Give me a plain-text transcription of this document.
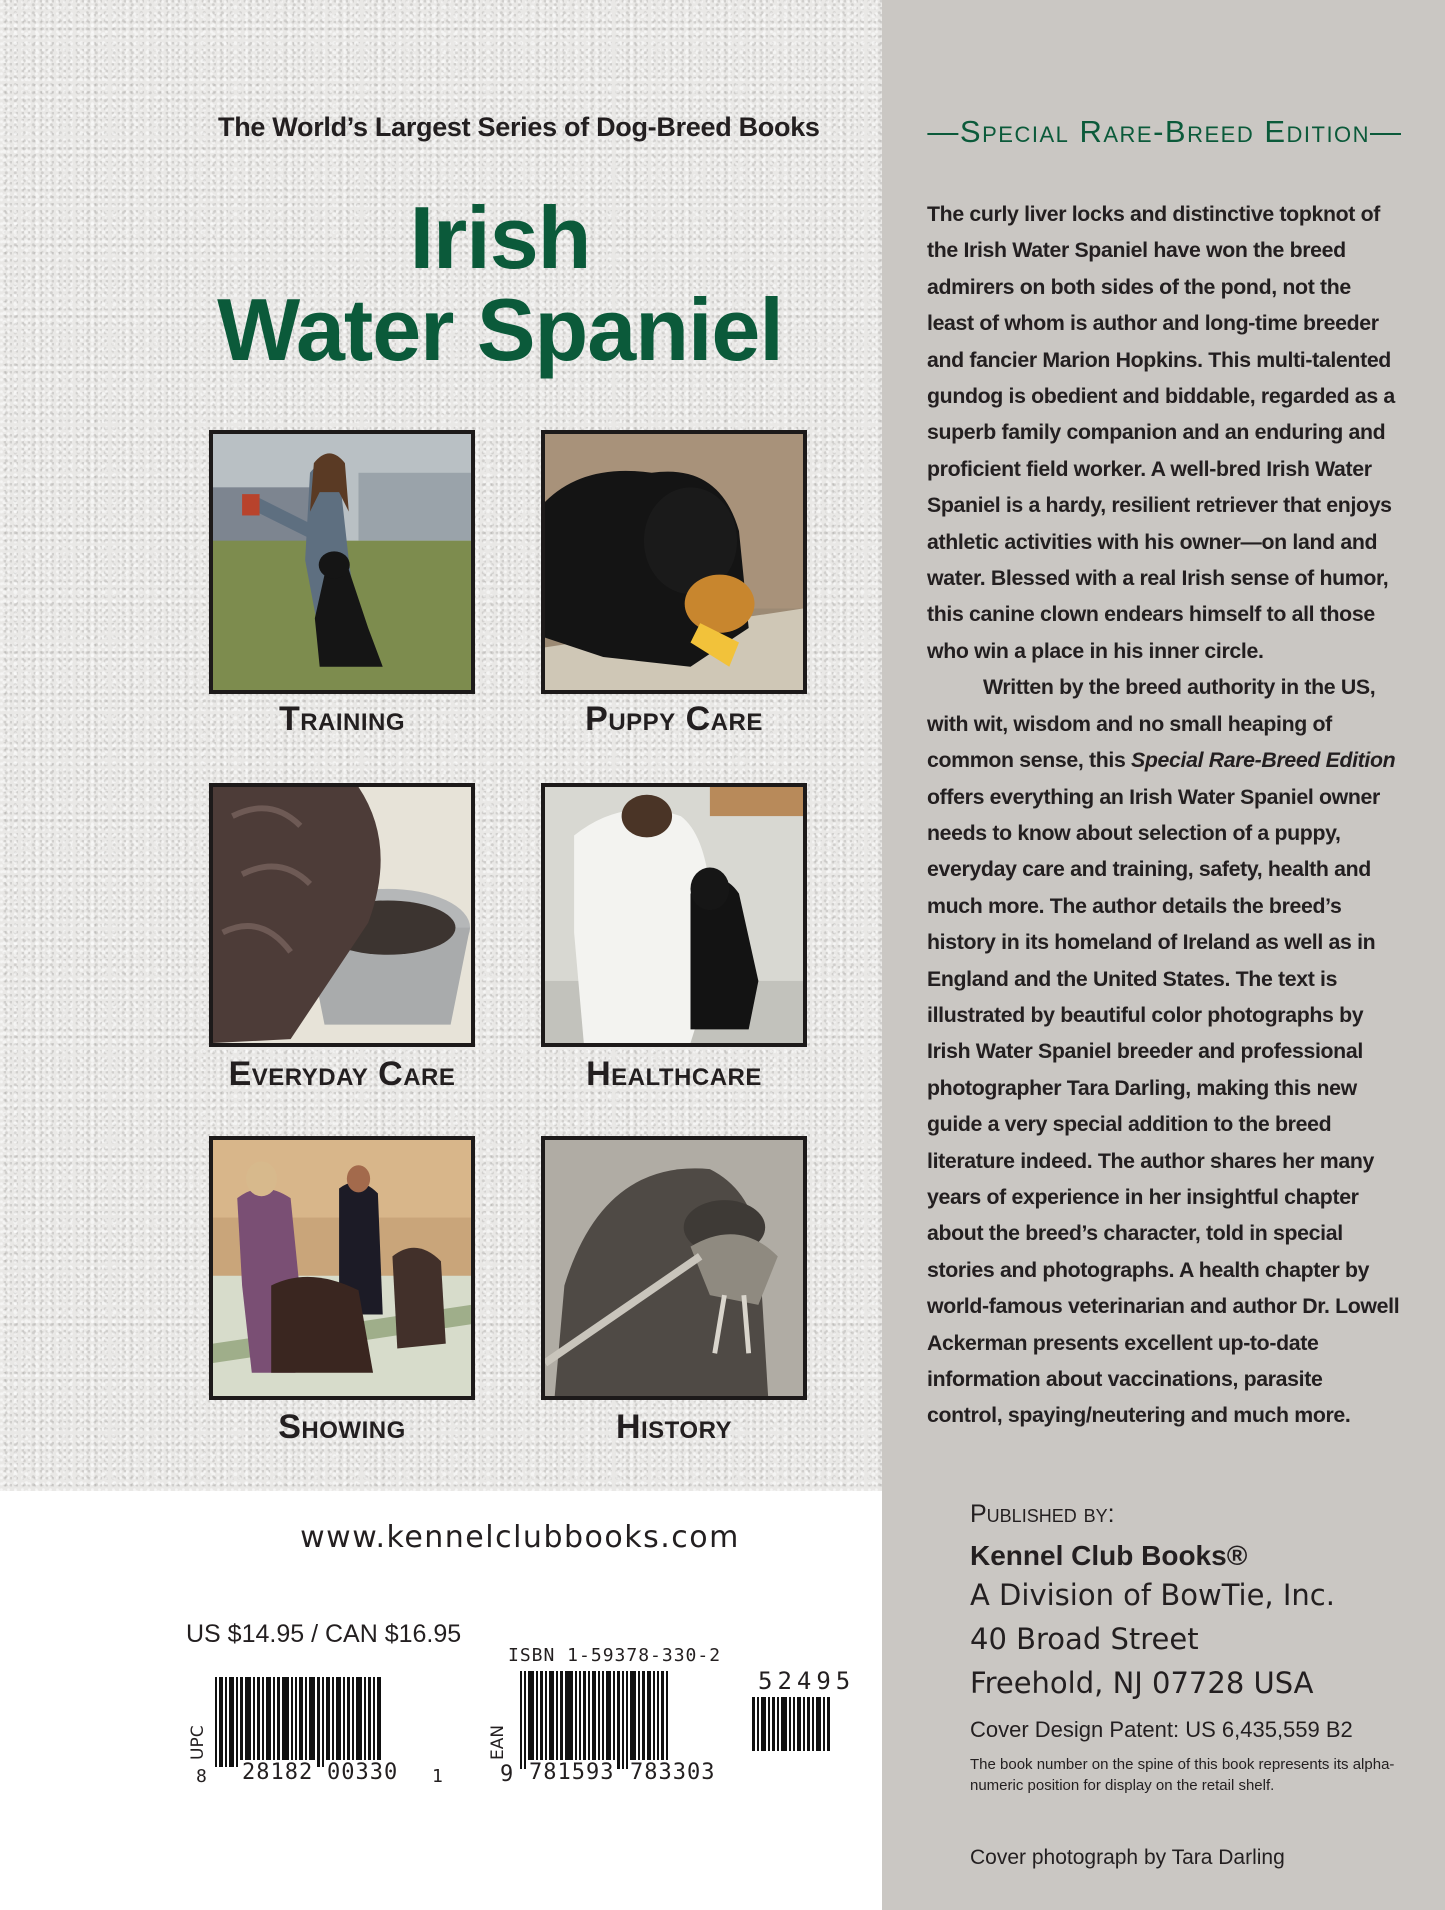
The World’s Largest Series of Dog-Breed Books
Irish
Water Spaniel
Training	Puppy Care
Everyday Care	Healthcare
Showing	History
www.kennelclubbooks.com
US $14.95 / CAN $16.95
UPC
8 28182 00330 1
ISBN 1-59378-330-2
EAN
9 781593 783303
52495
—Special Rare-Breed Edition—

The curly liver locks and distinctive topknot of the Irish Water Spaniel have won the breed admirers on both sides of the pond, not the least of whom is author and long-time breeder and fancier Marion Hopkins. This multi-talented gundog is obedient and biddable, regarded as a superb family companion and an enduring and proficient field worker. A well-bred Irish Water Spaniel is a hardy, resilient retriever that enjoys athletic activities with his owner—on land and water. Blessed with a real Irish sense of humor, this canine clown endears himself to all those who win a place in his inner circle.

Written by the breed authority in the US, with wit, wisdom and no small heaping of common sense, this Special Rare-Breed Edition offers everything an Irish Water Spaniel owner needs to know about selection of a puppy, everyday care and training, safety, health and much more. The author details the breed’s history in its homeland of Ireland as well as in England and the United States. The text is illustrated by beautiful color photographs by Irish Water Spaniel breeder and professional photographer Tara Darling, making this new guide a very special addition to the breed literature indeed. The author shares her many years of experience in her insightful chapter about the breed’s character, told in special stories and photographs. A health chapter by world-famous veterinarian and author Dr. Lowell Ackerman presents excellent up-to-date information about vaccinations, parasite control, spaying/neutering and much more.

Published by:
Kennel Club Books®
A Division of BowTie, Inc.
40 Broad Street
Freehold, NJ 07728 USA
Cover Design Patent: US 6,435,559 B2
The book number on the spine of this book represents its alpha-numeric position for display on the retail shelf.
Cover photograph by Tara Darling
